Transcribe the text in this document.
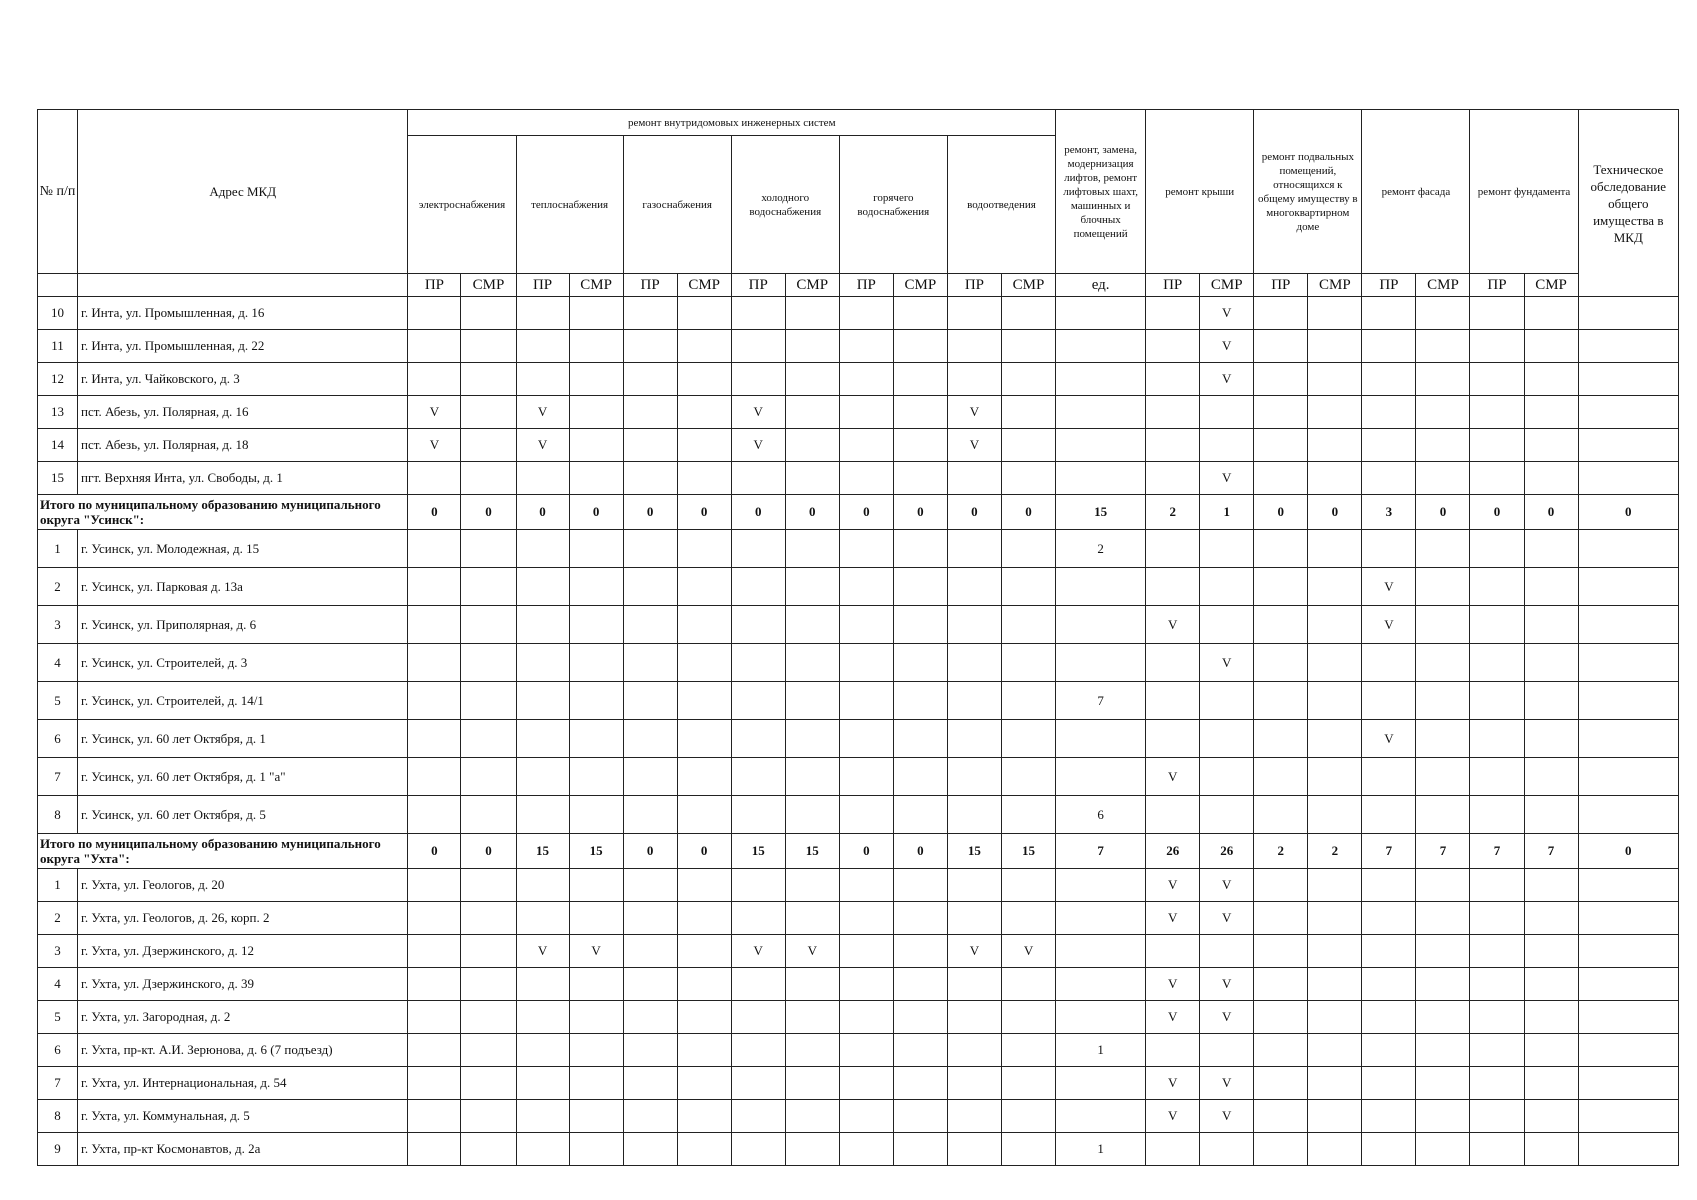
№ п/п	Адрес МКД	ремонт внутридомовых инженерных систем												ремонт, замена, модернизация лифтов, ремонт лифтовых шахт, машинных и блочных помещений	ремонт крыши		ремонт подвальных помещений, относящихся к общему имуществу в многоквартирном доме		ремонт фасада		ремонт фундамента		Техническое обследование общего имущества в МКД
		электроснабжения		теплоснабжения		газоснабжения		холодного водоснабжения		горячего водоснабжения		водоотведения											
		ПР	СМР	ПР	СМР	ПР	СМР	ПР	СМР	ПР	СМР	ПР	СМР	ед.	ПР	СМР	ПР	СМР	ПР	СМР	ПР	СМР	
10	г. Инта, ул. Промышленная, д. 16															V							
11	г. Инта, ул. Промышленная, д. 22															V							
12	г. Инта, ул. Чайковского, д. 3															V							
13	пст. Абезь, ул. Полярная, д. 16	V		V				V				V											
14	пст. Абезь, ул. Полярная, д. 18	V		V				V				V											
15	пгт. Верхняя Инта, ул. Свободы, д. 1															V							
Итого по муниципальному образованию муниципального округа "Усинск":		0	0	0	0	0	0	0	0	0	0	0	0	15	2	1	0	0	3	0	0	0	0
1	г. Усинск, ул. Молодежная, д. 15													2									
2	г. Усинск, ул. Парковая д. 13а																		V				
3	г. Усинск, ул. Приполярная, д. 6														V				V				
4	г. Усинск, ул. Строителей, д. 3															V							
5	г. Усинск, ул. Строителей, д. 14/1													7									
6	г. Усинск, ул. 60 лет Октября, д. 1																		V				
7	г. Усинск, ул. 60 лет Октября, д. 1 "а"														V								
8	г. Усинск, ул. 60 лет Октября, д. 5													6									
Итого по муниципальному образованию муниципального округа "Ухта":		0	0	15	15	0	0	15	15	0	0	15	15	7	26	26	2	2	7	7	7	7	0
1	г. Ухта, ул. Геологов, д. 20														V	V							
2	г. Ухта, ул. Геологов, д. 26, корп. 2														V	V							
3	г. Ухта, ул. Дзержинского, д. 12			V	V			V	V			V	V										
4	г. Ухта, ул. Дзержинского, д. 39														V	V							
5	г. Ухта, ул. Загородная, д. 2														V	V							
6	г. Ухта, пр-кт. А.И. Зерюнова, д. 6 (7 подъезд)													1									
7	г. Ухта, ул. Интернациональная, д. 54														V	V							
8	г. Ухта, ул. Коммунальная, д. 5														V	V							
9	г. Ухта, пр-кт Космонавтов, д. 2а													1									
